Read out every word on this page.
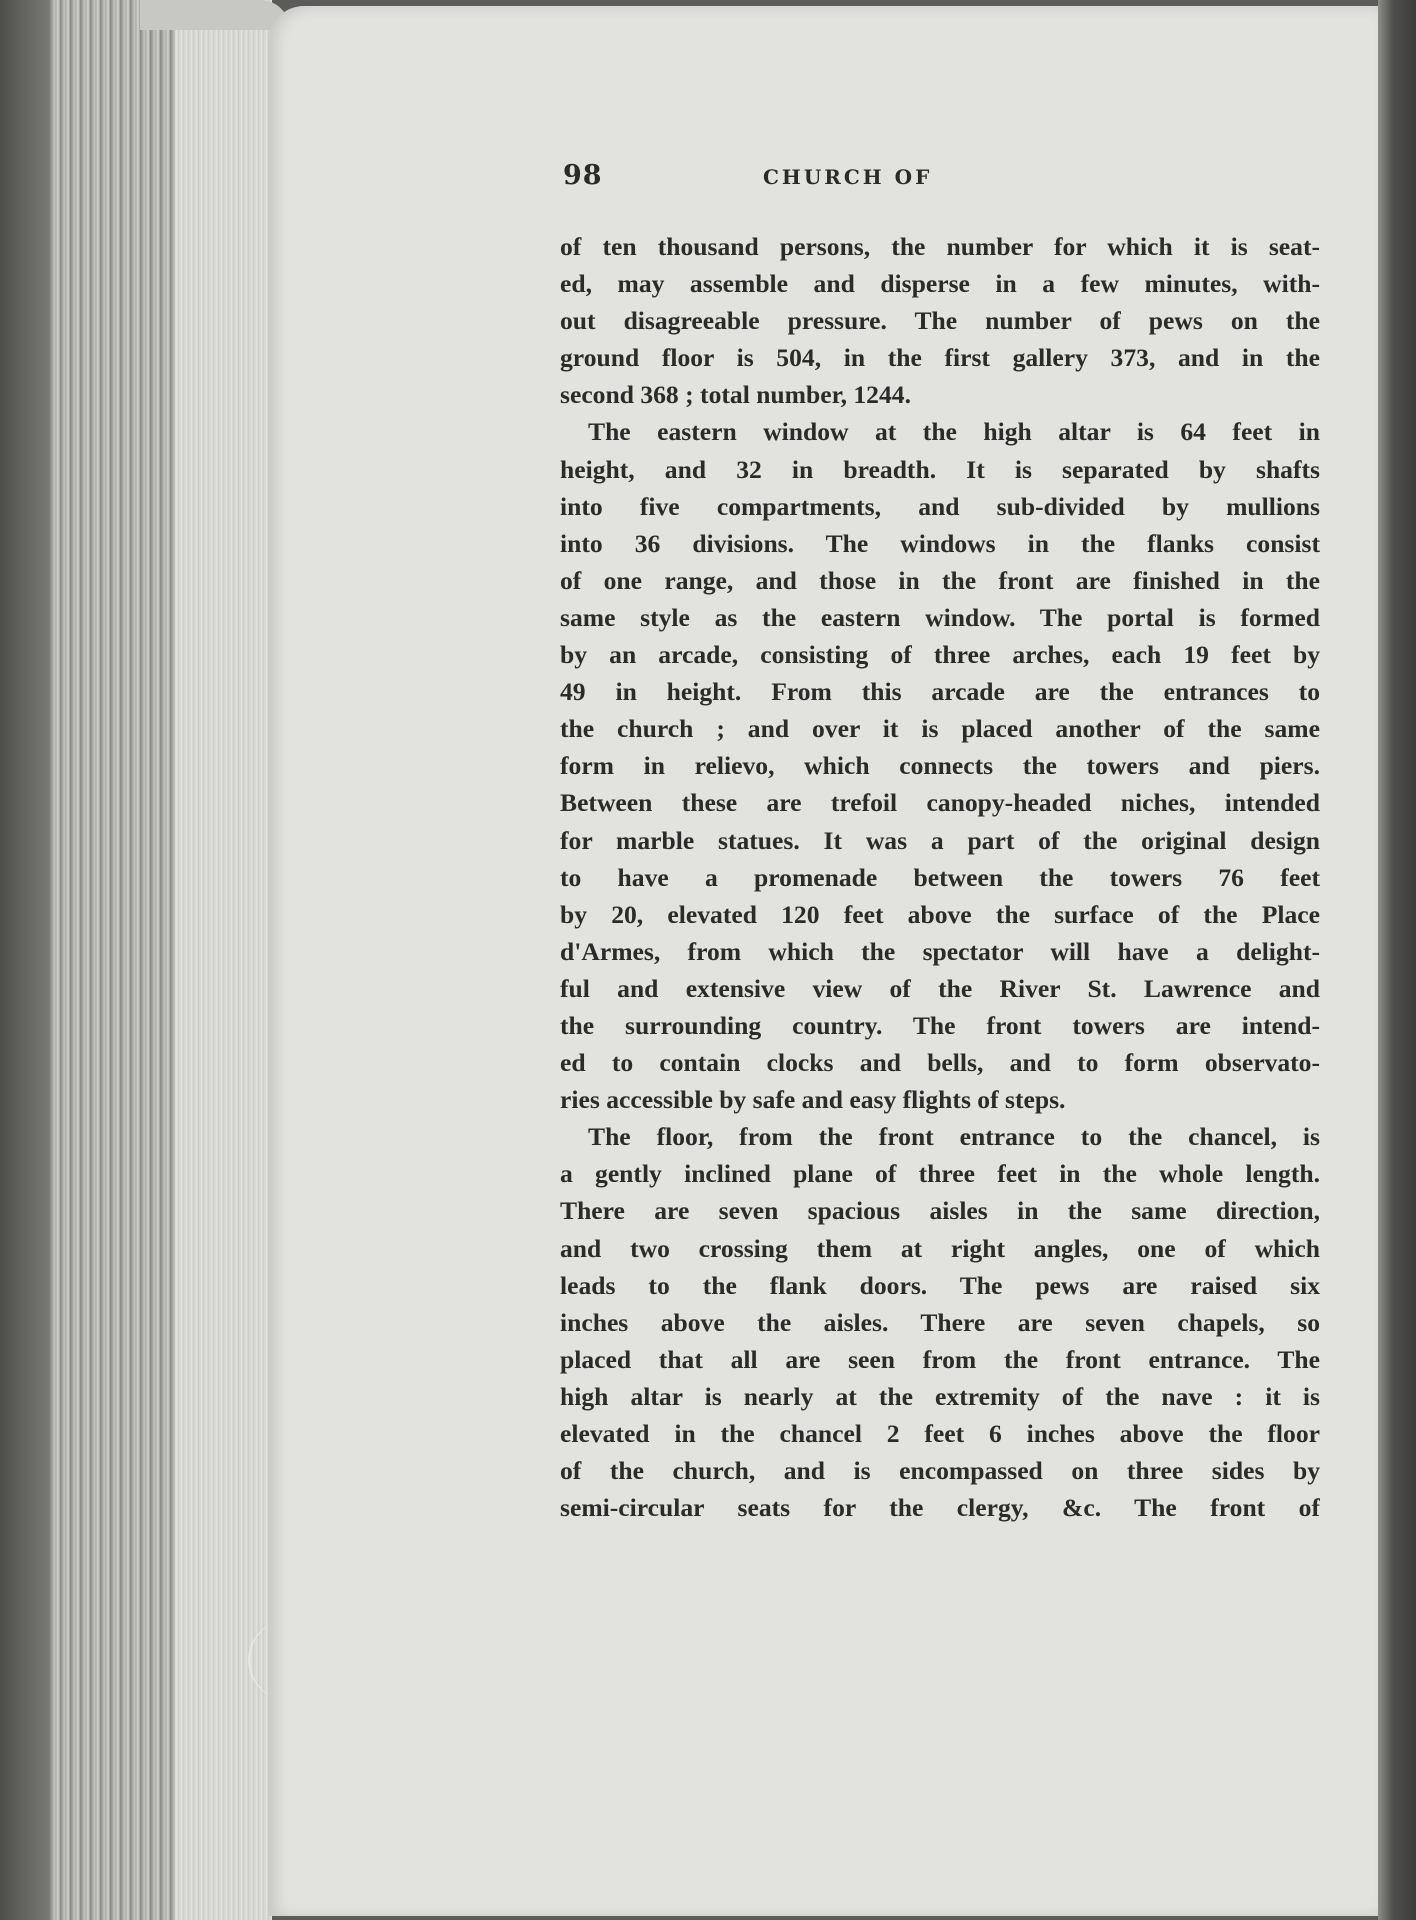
98	CHURCH OF
of ten thousand persons, the number for which it is seat-
ed, may assemble and disperse in a few minutes, with-
out disagreeable pressure. The number of pews on the
ground floor is 504, in the first gallery 373, and in the
second 368 ; total number, 1244.
The eastern window at the high altar is 64 feet in
height, and 32 in breadth. It is separated by shafts
into five compartments, and sub-divided by mullions
into 36 divisions. The windows in the flanks consist
of one range, and those in the front are finished in the
same style as the eastern window. The portal is formed
by an arcade, consisting of three arches, each 19 feet by
49 in height. From this arcade are the entrances to
the church ; and over it is placed another of the same
form in relievo, which connects the towers and piers.
Between these are trefoil canopy-headed niches, intended
for marble statues. It was a part of the original design
to have a promenade between the towers 76 feet
by 20, elevated 120 feet above the surface of the Place
d'Armes, from which the spectator will have a delight-
ful and extensive view of the River St. Lawrence and
the surrounding country. The front towers are intend-
ed to contain clocks and bells, and to form observato-
ries accessible by safe and easy flights of steps.
The floor, from the front entrance to the chancel, is
a gently inclined plane of three feet in the whole length.
There are seven spacious aisles in the same direction,
and two crossing them at right angles, one of which
leads to the flank doors. The pews are raised six
inches above the aisles. There are seven chapels, so
placed that all are seen from the front entrance. The
high altar is nearly at the extremity of the nave : it is
elevated in the chancel 2 feet 6 inches above the floor
of the church, and is encompassed on three sides by
semi-circular seats for the clergy, &c. The front of
